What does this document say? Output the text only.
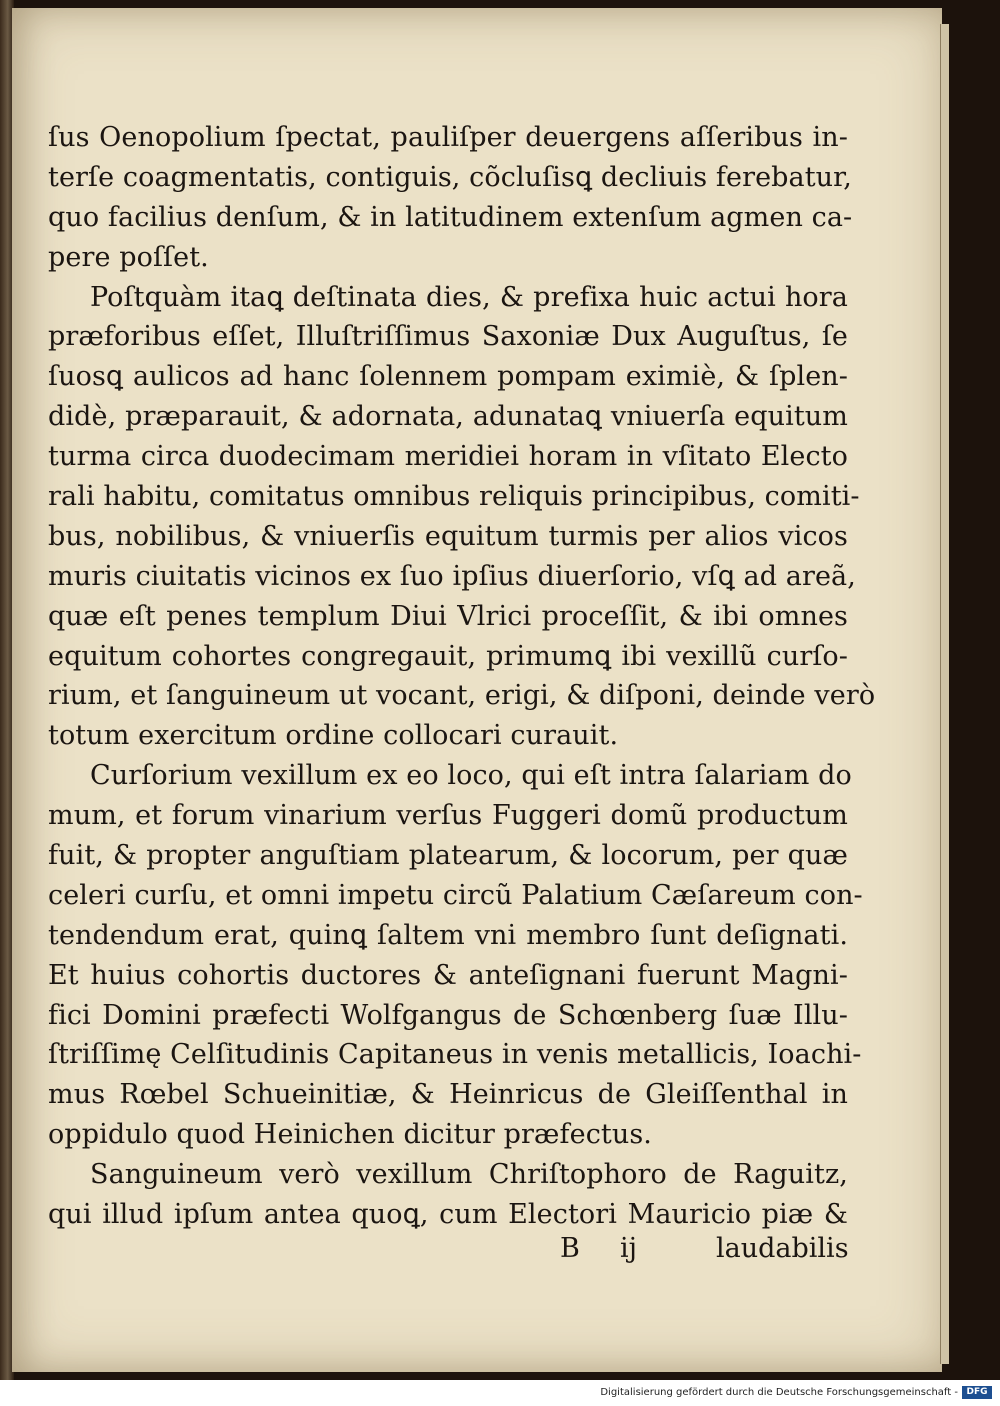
ſus Oenopolium ſpectat, pauliſper deuergens aſſeribus in-
terſe coagmentatis, contiguis, cõcluſisꝗ decliuis ferebatur,
quo facilius denſum, & in latitudinem extenſum agmen ca-
pere poſſet.
Poſtquàm itaꝗ deſtinata dies, & prefixa huic actui hora
præforibus eſſet, Illuſtriſſimus Saxoniæ Dux Auguſtus, ſe
ſuosꝗ aulicos ad hanc ſolennem pompam eximiè, & ſplen-
didè, præparauit, & adornata, adunataꝗ vniuerſa equitum
turma circa duodecimam meridiei horam in vſitato Electo
rali habitu, comitatus omnibus reliquis principibus, comiti-
bus, nobilibus, & vniuerſis equitum turmis per alios vicos
muris ciuitatis vicinos ex ſuo ipſius diuerſorio, vſꝗ ad areã,
quæ eſt penes templum Diui Vlrici proceſſit, & ibi omnes
equitum cohortes congregauit, primumꝗ ibi vexillũ curſo-
rium, et ſanguineum ut vocant, erigi, & diſponi, deinde verò
totum exercitum ordine collocari curauit.
Curſorium vexillum ex eo loco, qui eſt intra ſalariam do
mum, et forum vinarium verſus Fuggeri domũ productum
fuit, & propter anguſtiam platearum, & locorum, per quæ
celeri curſu, et omni impetu circũ Palatium Cæſareum con-
tendendum erat, quinꝗ ſaltem vni membro ſunt deſignati.
Et huius cohortis ductores & anteſignani fuerunt Magni-
fici Domini præfecti Wolfgangus de Schœnberg ſuæ Illu-
ſtriſſimę Celſitudinis Capitaneus in venis metallicis, Ioachi-
mus Rœbel Schueinitiæ, & Heinricus de Gleiſſenthal in
oppidulo quod Heinichen dicitur præfectus.
Sanguineum verò vexillum Chriſtophoro de Raguitz,
qui illud ipſum antea quoꝗ, cum Electori Mauricio piæ &
B ij	laudabilis
Digitalisierung gefördert durch die Deutsche Forschungsgemeinschaft - DFG
